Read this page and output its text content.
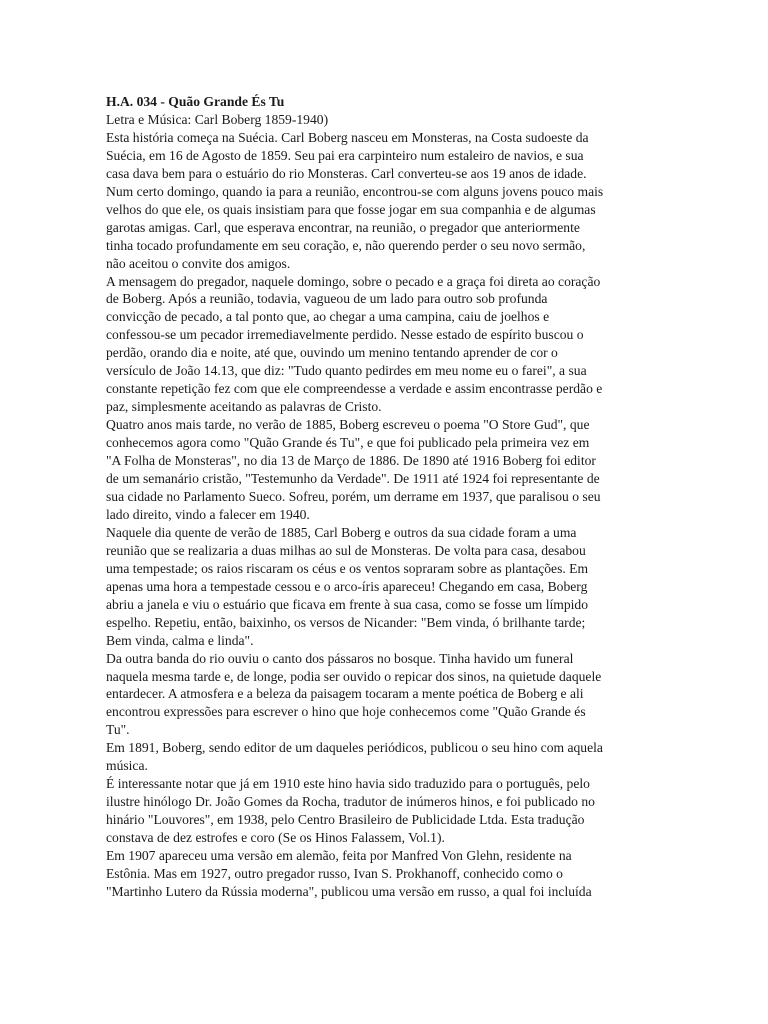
H.A. 034 - Quão Grande És Tu
Letra e Música: Carl Boberg 1859-1940)
Esta história começa na Suécia. Carl Boberg nasceu em Monsteras, na Costa sudoeste da
Suécia, em 16 de Agosto de 1859. Seu pai era carpinteiro num estaleiro de navios, e sua
casa dava bem para o estuário do rio Monsteras. Carl converteu-se aos 19 anos de idade.
Num certo domingo, quando ia para a reunião, encontrou-se com alguns jovens pouco mais
velhos do que ele, os quais insistiam para que fosse jogar em sua companhia e de algumas
garotas amigas. Carl, que esperava encontrar, na reunião, o pregador que anteriormente
tinha tocado profundamente em seu coração, e, não querendo perder o seu novo sermão,
não aceitou o convite dos amigos.
A mensagem do pregador, naquele domingo, sobre o pecado e a graça foi direta ao coração
de Boberg. Após a reunião, todavia, vagueou de um lado para outro sob profunda
convicção de pecado, a tal ponto que, ao chegar a uma campina, caiu de joelhos e
confessou-se um pecador irremediavelmente perdido. Nesse estado de espírito buscou o
perdão, orando dia e noite, até que, ouvindo um menino tentando aprender de cor o
versículo de João 14.13, que diz: "Tudo quanto pedirdes em meu nome eu o farei", a sua
constante repetição fez com que ele compreendesse a verdade e assim encontrasse perdão e
paz, simplesmente aceitando as palavras de Cristo.
Quatro anos mais tarde, no verão de 1885, Boberg escreveu o poema "O Store Gud", que
conhecemos agora como "Quão Grande és Tu", e que foi publicado pela primeira vez em
"A Folha de Monsteras", no dia 13 de Março de 1886. De 1890 até 1916 Boberg foi editor
de um semanário cristão, "Testemunho da Verdade". De 1911 até 1924 foi representante de
sua cidade no Parlamento Sueco. Sofreu, porém, um derrame em 1937, que paralisou o seu
lado direito, vindo a falecer em 1940.
Naquele dia quente de verão de 1885, Carl Boberg e outros da sua cidade foram a uma
reunião que se realizaria a duas milhas ao sul de Monsteras. De volta para casa, desabou
uma tempestade; os raios riscaram os céus e os ventos sopraram sobre as plantações. Em
apenas uma hora a tempestade cessou e o arco-íris apareceu! Chegando em casa, Boberg
abriu a janela e viu o estuário que ficava em frente à sua casa, como se fosse um límpido
espelho. Repetiu, então, baixinho, os versos de Nicander: "Bem vinda, ó brilhante tarde;
Bem vinda, calma e linda".
Da outra banda do rio ouviu o canto dos pássaros no bosque. Tinha havido um funeral
naquela mesma tarde e, de longe, podia ser ouvido o repicar dos sinos, na quietude daquele
entardecer. A atmosfera e a beleza da paisagem tocaram a mente poética de Boberg e ali
encontrou expressões para escrever o hino que hoje conhecemos come "Quão Grande és
Tu".
Em 1891, Boberg, sendo editor de um daqueles periódicos, publicou o seu hino com aquela
música.
É interessante notar que já em 1910 este hino havia sido traduzido para o português, pelo
ilustre hinólogo Dr. João Gomes da Rocha, tradutor de inúmeros hinos, e foi publicado no
hinário "Louvores", em 1938, pelo Centro Brasileiro de Publicidade Ltda. Esta tradução
constava de dez estrofes e coro (Se os Hinos Falassem, Vol.1).
Em 1907 apareceu uma versão em alemão, feita por Manfred Von Glehn, residente na
Estônia. Mas em 1927, outro pregador russo, Ivan S. Prokhanoff, conhecido como o
"Martinho Lutero da Rússia moderna", publicou uma versão em russo, a qual foi incluída
